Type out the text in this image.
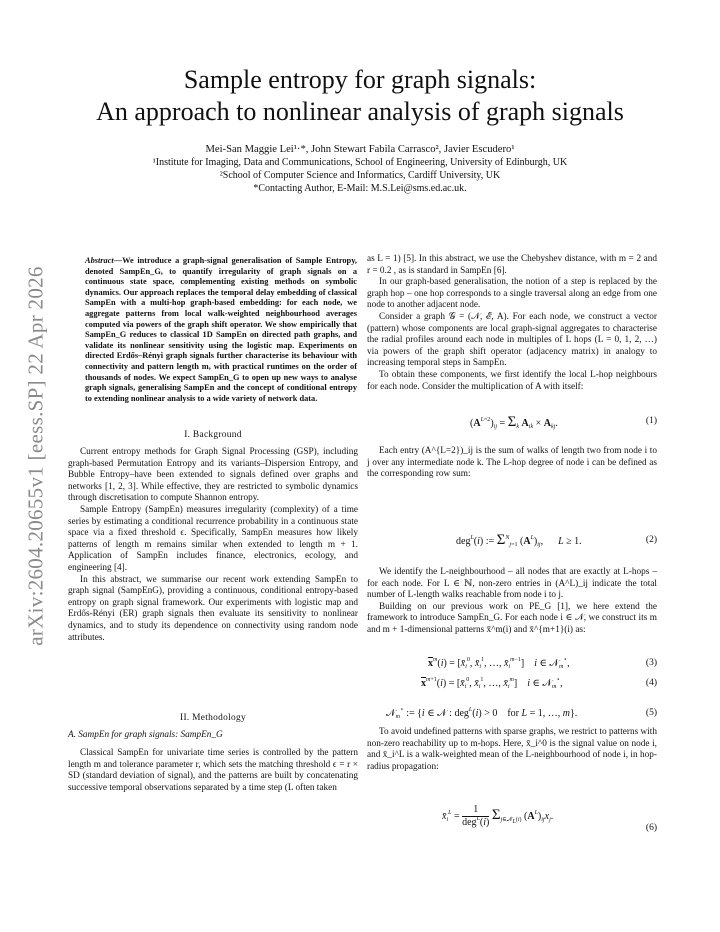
arXiv:2604.20655v1 [eess.SP] 22 Apr 2026
Sample entropy for graph signals:
An approach to nonlinear analysis of graph signals
Mei-San Maggie Lei¹·*, John Stewart Fabila Carrasco², Javier Escudero¹
¹Institute for Imaging, Data and Communications, School of Engineering, University of Edinburgh, UK
²School of Computer Science and Informatics, Cardiff University, UK
*Contacting Author, E-Mail: M.S.Lei@sms.ed.ac.uk.
Abstract—We introduce a graph-signal generalisation of Sample Entropy, denoted SampEn_G, to quantify irregularity of graph signals on a continuous state space, complementing existing methods on symbolic dynamics. Our approach replaces the temporal delay embedding of classical SampEn with a multi-hop graph-based embedding: for each node, we aggregate patterns from local walk-weighted neighbourhood averages computed via powers of the graph shift operator. We show empirically that SampEn_G reduces to classical 1D SampEn on directed path graphs, and validate its nonlinear sensitivity using the logistic map. Experiments on directed Erdős–Rényi graph signals further characterise its behaviour with connectivity and pattern length m, with practical runtimes on the order of thousands of nodes. We expect SampEn_G to open up new ways to analyse graph signals, generalising SampEn and the concept of conditional entropy to extending nonlinear analysis to a wide variety of network data.
I. Background

Current entropy methods for Graph Signal Processing (GSP), including graph-based Permutation Entropy and its variants–Dispersion Entropy, and Bubble Entropy–have been extended to signals defined over graphs and networks [1, 2, 3]. While effective, they are restricted to symbolic dynamics through discretisation to compute Shannon entropy.

Sample Entropy (SampEn) measures irregularity (complexity) of a time series by estimating a conditional recurrence probability in a continuous state space via a fixed threshold ϵ. Specifically, SampEn measures how likely patterns of length m remains similar when extended to length m + 1. Application of SampEn includes finance, electronics, ecology, and engineering [4].

In this abstract, we summarise our recent work extending SampEn to graph signal (SampEnG), providing a continuous, conditional entropy-based entropy on graph signal framework. Our experiments with logistic map and Erdős-Rényi (ER) graph signals then evaluate its sensitivity to nonlinear dynamics, and to study its dependence on connectivity using random node attributes.

II. Methodology
A. SampEn for graph signals: SampEn_G

Classical SampEn for univariate time series is controlled by the pattern length m and tolerance parameter r, which sets the matching threshold ϵ = r × SD (standard deviation of signal), and the patterns are built by concatenating successive temporal observations separated by a time step (L often taken

as L = 1) [5]. In this abstract, we use the Chebyshev distance, with m = 2 and r = 0.2 , as is standard in SampEn [6].

In our graph-based generalisation, the notion of a step is replaced by the graph hop – one hop corresponds to a single traversal along an edge from one node to another adjacent node.

Consider a graph 𝒢 = (𝒩, ℰ, A). For each node, we construct a vector (pattern) whose components are local graph-signal aggregates to characterise the radial profiles around each node in multiples of L hops (L = 0, 1, 2, …) via powers of the graph shift operator (adjacency matrix) in analogy to increasing temporal steps in SampEn.

To obtain these components, we first identify the local L-hop neighbours for each node. Consider the multiplication of A with itself:

$(A^{L=2})_{ij} = \Sigma_k$ $A_{ik} \times A_{kj}$.	(1)

Each entry (A^{L=2})_ij is the sum of walks of length two from node i to j over any intermediate node k. The L-hop degree of node i can be defined as the corresponding row sum:

deg$^L$(i) := $\Sigma^N_{j=1}$ $(A^L)_{ij}$,      L ≥ 1.	(2)

We identify the L-neighbourhood – all nodes that are exactly at L-hops – for each node. For L ∈ ℕ, non-zero entries in (A^L)_ij indicate the total number of L-length walks reachable from node i to j.

Building on our previous work on PE_G [1], we here extend the framework to introduce SampEn_G. For each node i ∈ 𝒩, we construct its m and m + 1-dimensional patterns x̄^m(i) and x̄^{m+1}(i) as:

$\overline{x}^m(i)$ = [$x̄_i^0$, $x̄_i^1$, …, $x̄_i^{m-1}$]    i ∈ 𝒩$_m$⋆,	(3)
$\overline{x}^{m+1}(i)$ = [$x̄_i^0$, $x̄_i^1$, …, $x̄_i^m$]    i ∈ 𝒩$_m$⋆,	(4)
𝒩$_m$⋆ := {i ∈ 𝒩 : deg$^L$(i) > 0    for L = 1, …, m}.	(5)

To avoid undefined patterns with sparse graphs, we restrict to patterns with non-zero reachability up to m-hops. Here, x̄_i^0 is the signal value on node i, and x̄_i^L is a walk-weighted mean of the L-neighbourhood of node i, in hop-radius propagation:

$x̄_i^L = \frac{1}{deg^L(i)} \Sigma_{j\in 𝒩_L(i)}$ $(A^L)_{ij}x_j$.
(6)
